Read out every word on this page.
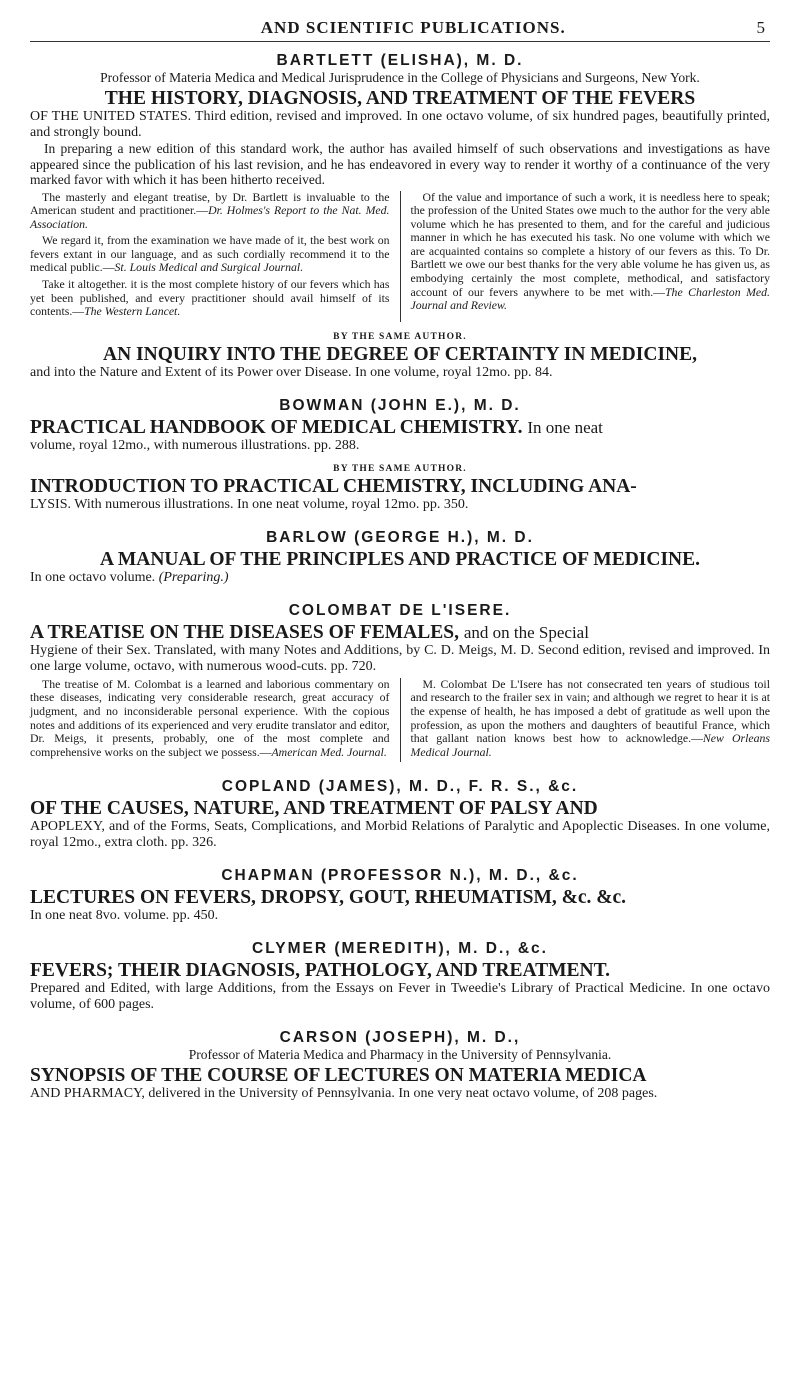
AND SCIENTIFIC PUBLICATIONS.	5
BARTLETT (ELISHA), M. D.
Professor of Materia Medica and Medical Jurisprudence in the College of Physicians and Surgeons, New York.
THE HISTORY, DIAGNOSIS, AND TREATMENT OF THE FEVERS
OF THE UNITED STATES. Third edition, revised and improved. In one octavo volume, of six hundred pages, beautifully printed, and strongly bound.
In preparing a new edition of this standard work, the author has availed himself of such observations and investigations as have appeared since the publication of his last revision, and he has endeavored in every way to render it worthy of a continuance of the very marked favor with which it has been hitherto received.

The masterly and elegant treatise, by Dr. Bartlett is invaluable to the American student and practitioner.—Dr. Holmes's Report to the Nat. Med. Association.

We regard it, from the examination we have made of it, the best work on fevers extant in our language, and as such cordially recommend it to the medical public.—St. Louis Medical and Surgical Journal.

Take it altogether. it is the most complete history of our fevers which has yet been published, and every practitioner should avail himself of its contents.—The Western Lancet.

Of the value and importance of such a work, it is needless here to speak; the profession of the United States owe much to the author for the very able volume which he has presented to them, and for the careful and judicious manner in which he has executed his task. No one volume with which we are acquainted contains so complete a history of our fevers as this. To Dr. Bartlett we owe our best thanks for the very able volume he has given us, as embodying certainly the most complete, methodical, and satisfactory account of our fevers anywhere to be met with.—The Charleston Med. Journal and Review.

BY THE SAME AUTHOR.
AN INQUIRY INTO THE DEGREE OF CERTAINTY IN MEDICINE,
and into the Nature and Extent of its Power over Disease. In one volume, royal 12mo. pp. 84.
BOWMAN (JOHN E.), M. D.
PRACTICAL HANDBOOK OF MEDICAL CHEMISTRY. In one neat
volume, royal 12mo., with numerous illustrations. pp. 288.
BY THE SAME AUTHOR.
INTRODUCTION TO PRACTICAL CHEMISTRY, INCLUDING ANA-
LYSIS. With numerous illustrations. In one neat volume, royal 12mo. pp. 350.
BARLOW (GEORGE H.), M. D.
A MANUAL OF THE PRINCIPLES AND PRACTICE OF MEDICINE.
In one octavo volume. (Preparing.)
COLOMBAT DE L'ISERE.
A TREATISE ON THE DISEASES OF FEMALES, and on the Special
Hygiene of their Sex. Translated, with many Notes and Additions, by C. D. Meigs, M. D. Second edition, revised and improved. In one large volume, octavo, with numerous wood-cuts. pp. 720.

The treatise of M. Colombat is a learned and laborious commentary on these diseases, indicating very considerable research, great accuracy of judgment, and no inconsiderable personal experience. With the copious notes and additions of its experienced and very erudite translator and editor, Dr. Meigs, it presents, probably, one of the most complete and comprehensive works on the subject we possess.—American Med. Journal.

M. Colombat De L'Isere has not consecrated ten years of studious toil and research to the frailer sex in vain; and although we regret to hear it is at the expense of health, he has imposed a debt of gratitude as well upon the profession, as upon the mothers and daughters of beautiful France, which that gallant nation knows best how to acknowledge.—New Orleans Medical Journal.

COPLAND (JAMES), M. D., F. R. S., &c.
OF THE CAUSES, NATURE, AND TREATMENT OF PALSY AND
APOPLEXY, and of the Forms, Seats, Complications, and Morbid Relations of Paralytic and Apoplectic Diseases. In one volume, royal 12mo., extra cloth. pp. 326.
CHAPMAN (PROFESSOR N.), M. D., &c.
LECTURES ON FEVERS, DROPSY, GOUT, RHEUMATISM, &c. &c.
In one neat 8vo. volume. pp. 450.
CLYMER (MEREDITH), M. D., &c.
FEVERS; THEIR DIAGNOSIS, PATHOLOGY, AND TREATMENT.
Prepared and Edited, with large Additions, from the Essays on Fever in Tweedie's Library of Practical Medicine. In one octavo volume, of 600 pages.
CARSON (JOSEPH), M. D.,
Professor of Materia Medica and Pharmacy in the University of Pennsylvania.
SYNOPSIS OF THE COURSE OF LECTURES ON MATERIA MEDICA
AND PHARMACY, delivered in the University of Pennsylvania. In one very neat octavo volume, of 208 pages.
